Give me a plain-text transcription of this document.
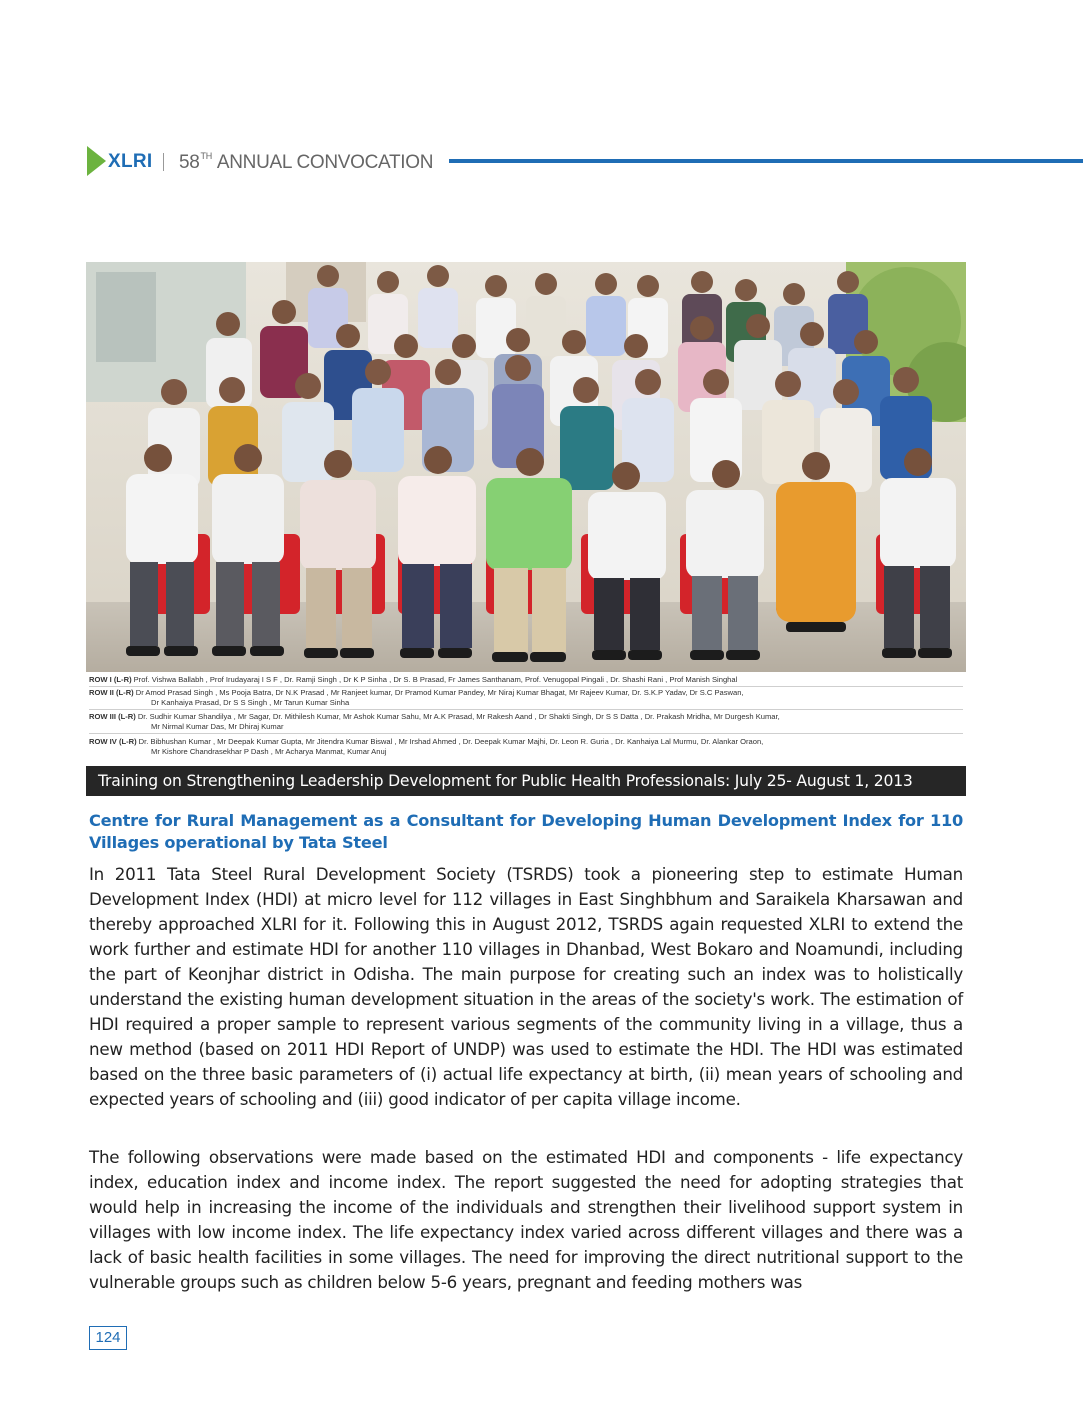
XLRI 58TH ANNUAL CONVOCATION
ROW I (L-R) Prof. Vishwa Ballabh , Prof Irudayaraj I S F , Dr. Ramji Singh , Dr K P Sinha , Dr S. B Prasad, Fr James Santhanam, Prof. Venugopal Pingali , Dr. Shashi Rani , Prof Manish Singhal
ROW II (L-R) Dr Amod Prasad Singh , Ms Pooja Batra, Dr N.K Prasad , Mr Ranjeet kumar, Dr Pramod Kumar Pandey, Mr Niraj Kumar Bhagat, Mr Rajeev Kumar, Dr. S.K.P Yadav, Dr S.C Paswan,
Dr Kanhaiya Prasad, Dr S S Singh , Mr Tarun Kumar Sinha
ROW III (L-R) Dr. Sudhir Kumar Shandilya , Mr Sagar, Dr. Mithilesh Kumar, Mr Ashok Kumar Sahu, Mr A.K Prasad, Mr Rakesh Aand , Dr Shakti Singh, Dr S S Datta , Dr. Prakash Mridha, Mr Durgesh Kumar,
Mr Nirmal Kumar Das, Mr Dhiraj Kumar
ROW IV (L-R) Dr. Bibhushan Kumar , Mr Deepak Kumar Gupta, Mr Jitendra Kumar Biswal , Mr Irshad Ahmed , Dr. Deepak Kumar Majhi, Dr. Leon R. Guria , Dr. Kanhaiya Lal Murmu, Dr. Alankar Oraon,
Mr Kishore Chandrasekhar P Dash , Mr Acharya Manmat, Kumar Anuj
Training on Strengthening Leadership Development for Public Health Professionals: July 25- August 1, 2013
Centre for Rural Management as a Consultant for Developing Human Development Index for 110 Villages operational by Tata Steel

In 2011 Tata Steel Rural Development Society (TSRDS) took a pioneering step to estimate Human Development Index (HDI) at micro level for 112 villages in East Singhbhum and Saraikela Kharsawan and thereby approached XLRI for it. Following this in August 2012, TSRDS again requested XLRI to extend the work further and estimate HDI for another 110 villages in Dhanbad, West Bokaro and Noamundi, including the part of Keonjhar district in Odisha. The main purpose for creating such an index was to holistically understand the existing human development situation in the areas of the society's work. The estimation of HDI required a proper sample to represent various segments of the community living in a village, thus a new method (based on 2011 HDI Report of UNDP) was used to estimate the HDI. The HDI was estimated based on the three basic parameters of (i) actual life expectancy at birth, (ii) mean years of schooling and expected years of schooling and (iii) good indicator of per capita village income.

The following observations were made based on the estimated HDI and components - life expectancy index, education index and income index. The report suggested the need for adopting strategies that would help in increasing the income of the individuals and strengthen their livelihood support system in villages with low income index. The life expectancy index varied across different villages and there was a lack of basic health facilities in some villages. The need for improving the direct nutritional support to the vulnerable groups such as children below 5-6 years, pregnant and feeding mothers was

124
